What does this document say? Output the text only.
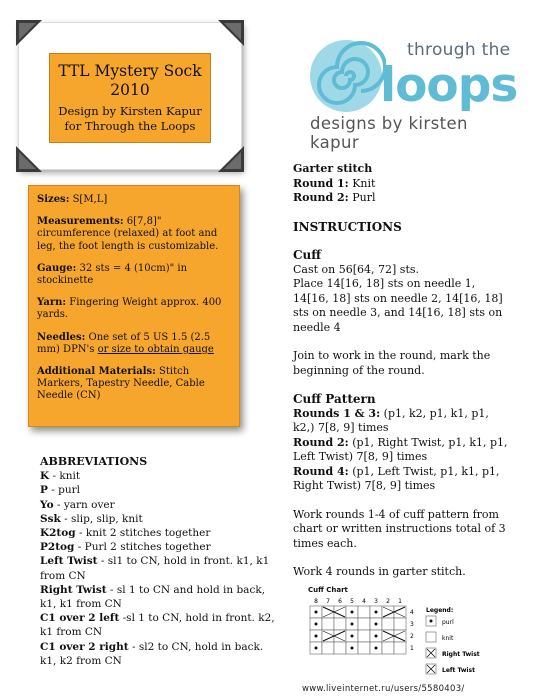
TTL Mystery Sock
2010
Design by Kirsten Kapur
for Through the Loops

Sizes: S[M,L]

Measurements: 6[7,8]" circumference (relaxed) at foot and leg, the foot length is customizable.

Gauge: 32 sts = 4 (10cm)" in stockinette

Yarn: Fingering Weight approx. 400 yards.

Needles: One set of 5 US 1.5 (2.5 mm) DPN's or size to obtain gauge

Additional Materials: Stitch Markers, Tapestry Needle, Cable Needle (CN)

ABBREVIATIONS
K - knit
P - purl
Yo - yarn over
Ssk - slip, slip, knit
K2tog - knit 2 stitches together
P2tog - Purl 2 stitches together
Left Twist - sl1 to CN, hold in front. k1, k1 from CN
Right Twist - sl 1 to CN and hold in back, k1, k1 from CN
C1 over 2 left -sl 1 to CN, hold in front. k2, k1 from CN
C1 over 2 right - sl2 to CN, hold in back. k1, k2 from CN
through the
loops
designs by kirsten kapur

Garter stitch

Round 1: Knit

Round 2: Purl

INSTRUCTIONS

Cuff

Cast on 56[64, 72] sts.

Place 14[16, 18] sts on needle 1, 14[16, 18] sts on needle 2, 14[16, 18] sts on needle 3, and 14[16, 18] sts on needle 4

Join to work in the round, mark the beginning of the round.

Cuff Pattern

Rounds 1 & 3: (p1, k2, p1, k1, p1, k2,) 7[8, 9] times

Round 2: (p1, Right Twist, p1, k1, p1, Left Twist) 7[8, 9] times

Round 4: (p1, Left Twist, p1, k1, p1, Right Twist) 7[8, 9] times

Work rounds 1-4 of cuff pattern from chart or written instructions total of 3 times each.

Work 4 rounds in garter stitch.

Cuff Chart
8 7 6 5 4 3 2 1
4
3
2
1
Legend:
purl
knit
Right Twist
Left Twist
www.liveinternet.ru/users/5580403/
